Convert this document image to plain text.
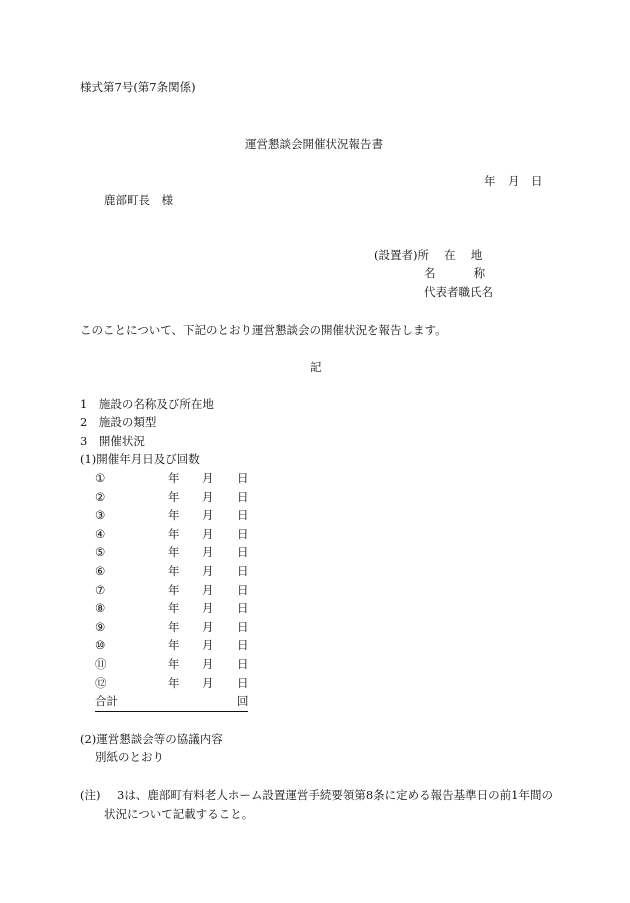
様式第7号(第7条関係)
運営懇談会開催状況報告書
年 月 日
鹿部町長　様
(設置者)所　 在　 地
名　　　 称
代表者職氏名
このことについて、下記のとおり運営懇談会の開催状況を報告します。
記
1　施設の名称及び所在地
2　施設の類型
3　開催状況
(1)開催年月日及び回数
①	年 月 日
②	年 月 日
③	年 月 日
④	年 月 日
⑤	年 月 日
⑥	年 月 日
⑦	年 月 日
⑧	年 月 日
⑨	年 月 日
⑩	年 月 日
⑪	年 月 日
⑫	年 月 日
合計	回
(2)運営懇談会等の協議内容
別紙のとおり
(注) 3は、鹿部町有料老人ホーム設置運営手続要領第8条に定める報告基準日の前1年間の
状況について記載すること。
